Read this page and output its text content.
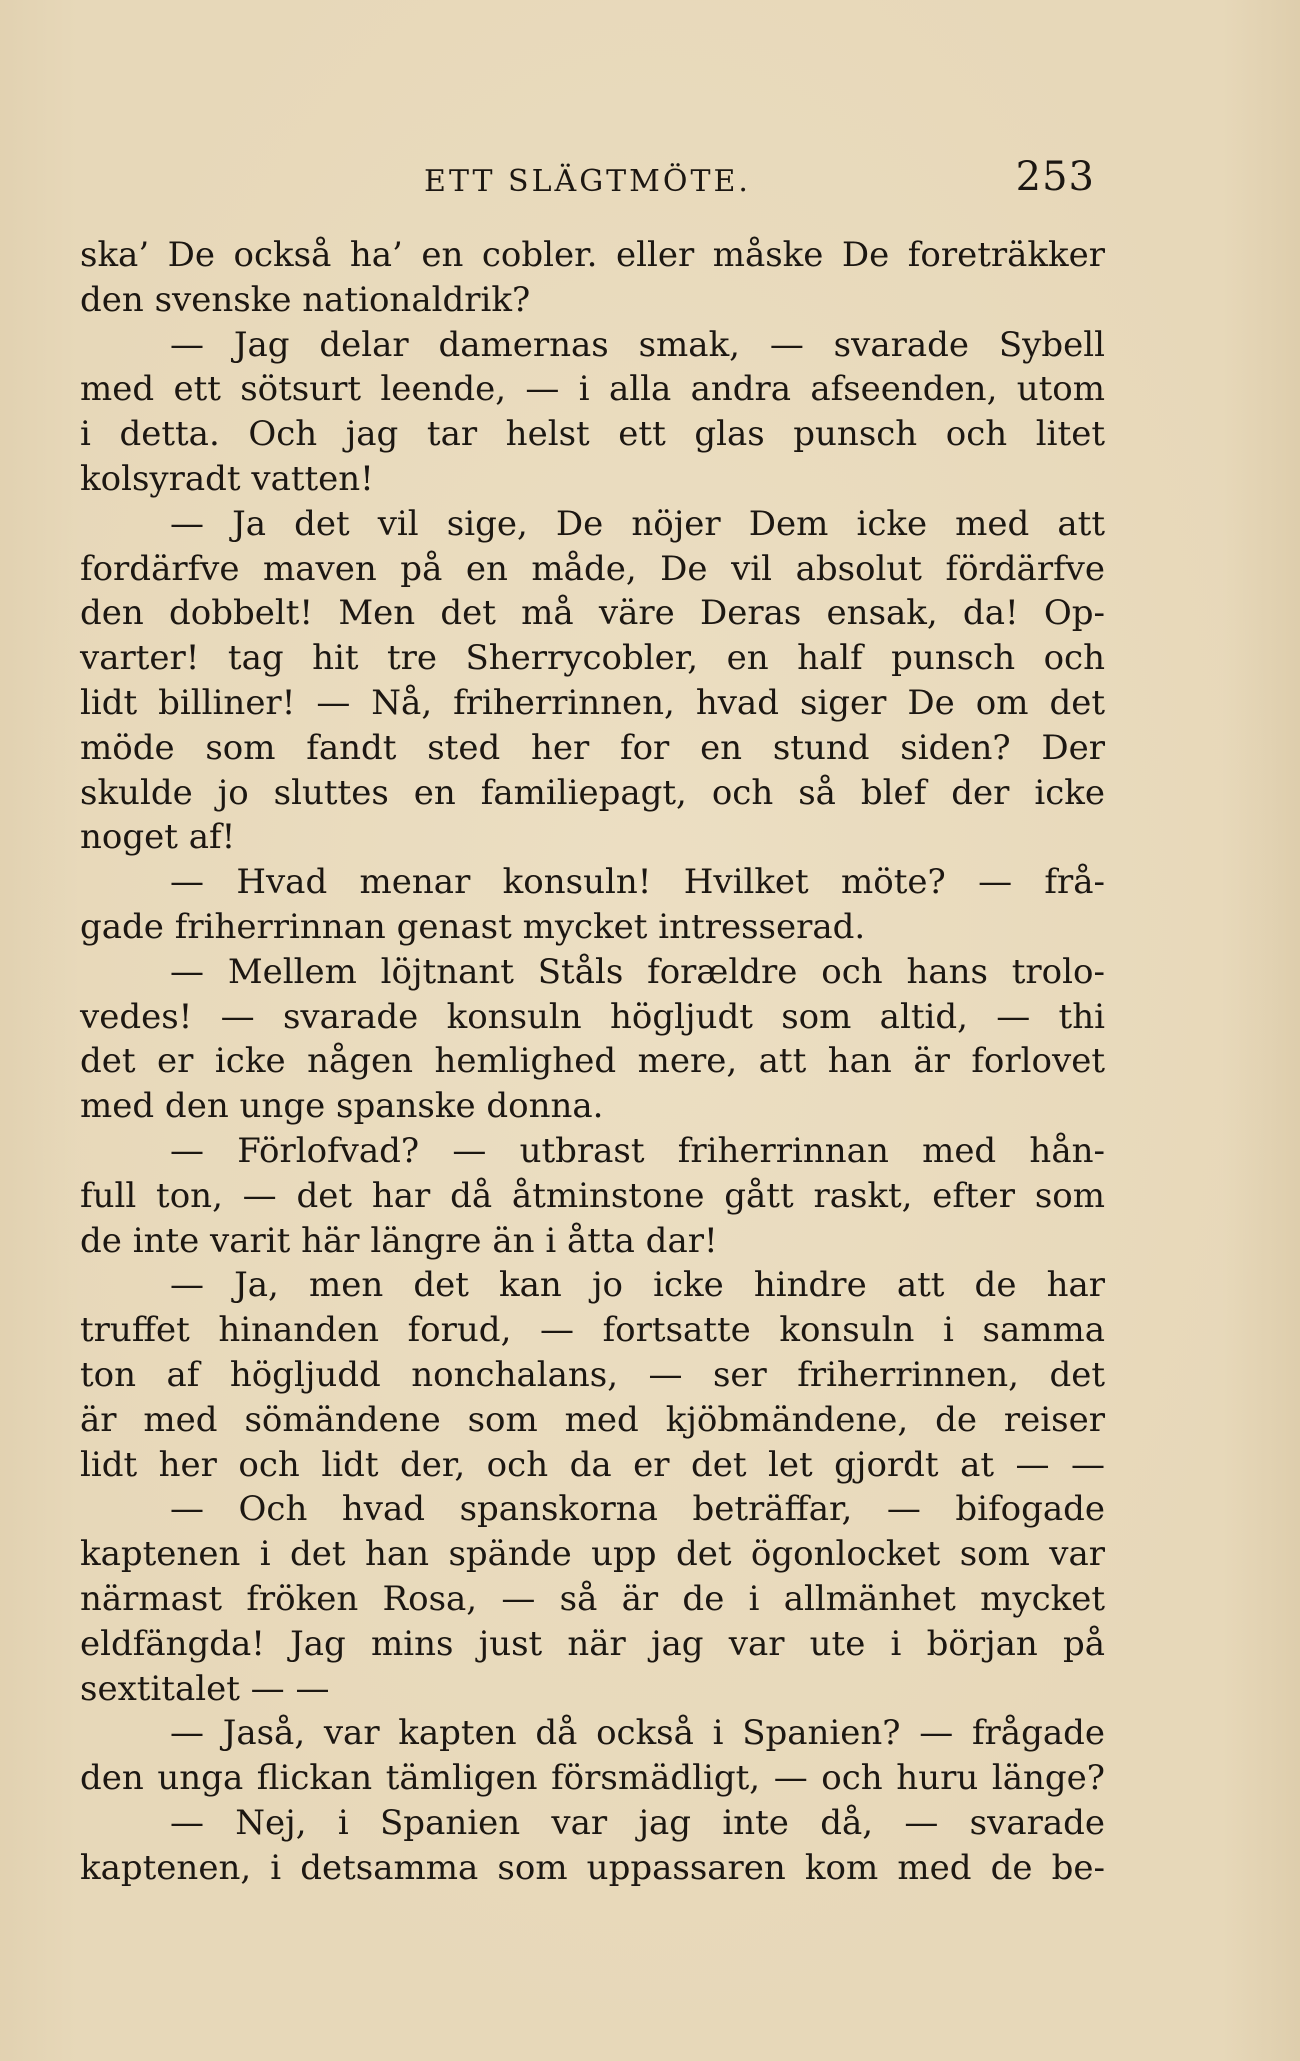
ETT SLÄGTMÖTE.	253
ska’ De också ha’ en cobler. eller måske De foreträkker
den svenske nationaldrik?
— Jag delar damernas smak, — svarade Sybell
med ett sötsurt leende, — i alla andra afseenden, utom
i detta. Och jag tar helst ett glas punsch och litet
kolsyradt vatten!
— Ja det vil sige, De nöjer Dem icke med att
fordärfve maven på en måde, De vil absolut fördärfve
den dobbelt! Men det må väre Deras ensak, da! Op-
varter! tag hit tre Sherrycobler, en half punsch och
lidt billiner! — Nå, friherrinnen, hvad siger De om det
möde som fandt sted her for en stund siden? Der
skulde jo sluttes en familiepagt, och så blef der icke
noget af!
— Hvad menar konsuln! Hvilket möte? — frå-
gade friherrinnan genast mycket intresserad.
— Mellem löjtnant Ståls forældre och hans trolo-
vedes! — svarade konsuln högljudt som altid, — thi
det er icke någen hemlighed mere, att han är forlovet
med den unge spanske donna.
— Förlofvad? — utbrast friherrinnan med hån-
full ton, — det har då åtminstone gått raskt, efter som
de inte varit här längre än i åtta dar!
— Ja, men det kan jo icke hindre att de har
truffet hinanden forud, — fortsatte konsuln i samma
ton af högljudd nonchalans, — ser friherrinnen, det
är med sömändene som med kjöbmändene, de reiser
lidt her och lidt der, och da er det let gjordt at — —
— Och hvad spanskorna beträffar, — bifogade
kaptenen i det han spände upp det ögonlocket som var
närmast fröken Rosa, — så är de i allmänhet mycket
eldfängda! Jag mins just när jag var ute i början på
sextitalet — —
— Jaså, var kapten då också i Spanien? — frågade
den unga flickan tämligen försmädligt, — och huru länge?
— Nej, i Spanien var jag inte då, — svarade
kaptenen, i detsamma som uppassaren kom med de be-
